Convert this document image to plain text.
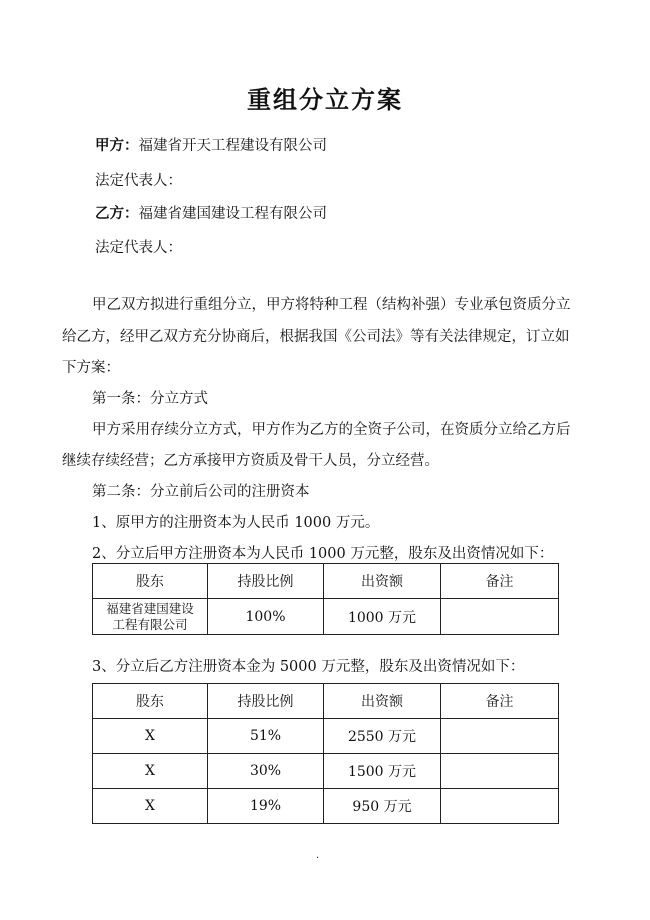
重组分立方案
甲方：福建省开天工程建设有限公司
法定代表人：
乙方：福建省建国建设工程有限公司
法定代表人：
甲乙双方拟进行重组分立，甲方将特种工程（结构补强）专业承包资质分立
给乙方，经甲乙双方充分协商后，根据我国《公司法》等有关法律规定，订立如
下方案：
第一条：分立方式
甲方采用存续分立方式，甲方作为乙方的全资子公司，在资质分立给乙方后
继续存续经营；乙方承接甲方资质及骨干人员，分立经营。
第二条：分立前后公司的注册资本
1、原甲方的注册资本为人民币 1000 万元。
2、分立后甲方注册资本为人民币 1000 万元整，股东及出资情况如下：
股东	持股比例	出资额	备注

福建省建国建设
工程有限公司	100%	1000 万元	
3、分立后乙方注册资本金为 5000 万元整，股东及出资情况如下：
股东	持股比例	出资额	备注
X	51%	2550 万元	
X	30%	1500 万元	
X	19%	950 万元	
.
